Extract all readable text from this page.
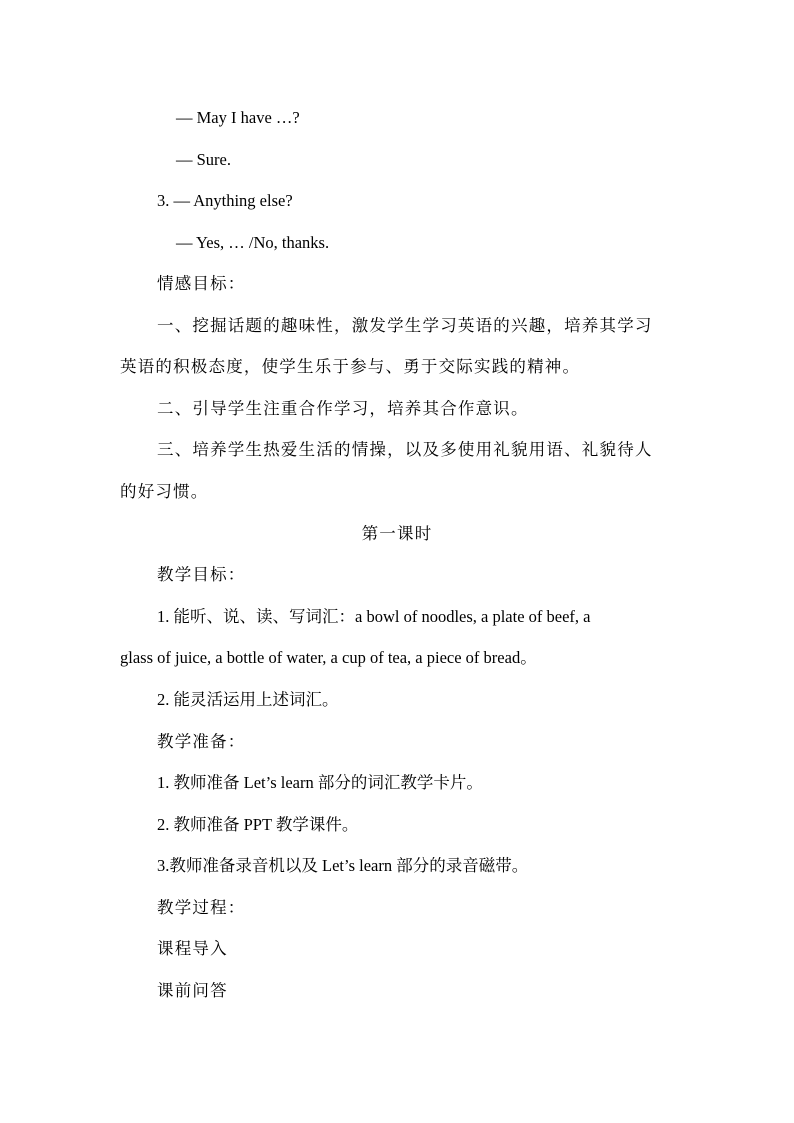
— May I have …?
— Sure.
3. — Anything else?
— Yes, … /No, thanks.
情感目标：
一、挖掘话题的趣味性，激发学生学习英语的兴趣，培养其学习
英语的积极态度，使学生乐于参与、勇于交际实践的精神。
二、引导学生注重合作学习，培养其合作意识。
三、培养学生热爱生活的情操，以及多使用礼貌用语、礼貌待人
的好习惯。
第一课时
教学目标：
1. 能听、说、读、写词汇：a bowl of noodles, a plate of beef, a
glass of juice, a bottle of water, a cup of tea, a piece of bread。
2. 能灵活运用上述词汇。
教学准备：
1. 教师准备 Let’s learn 部分的词汇教学卡片。
2. 教师准备 PPT 教学课件。
3.教师准备录音机以及 Let’s learn 部分的录音磁带。
教学过程：
课程导入
课前问答
